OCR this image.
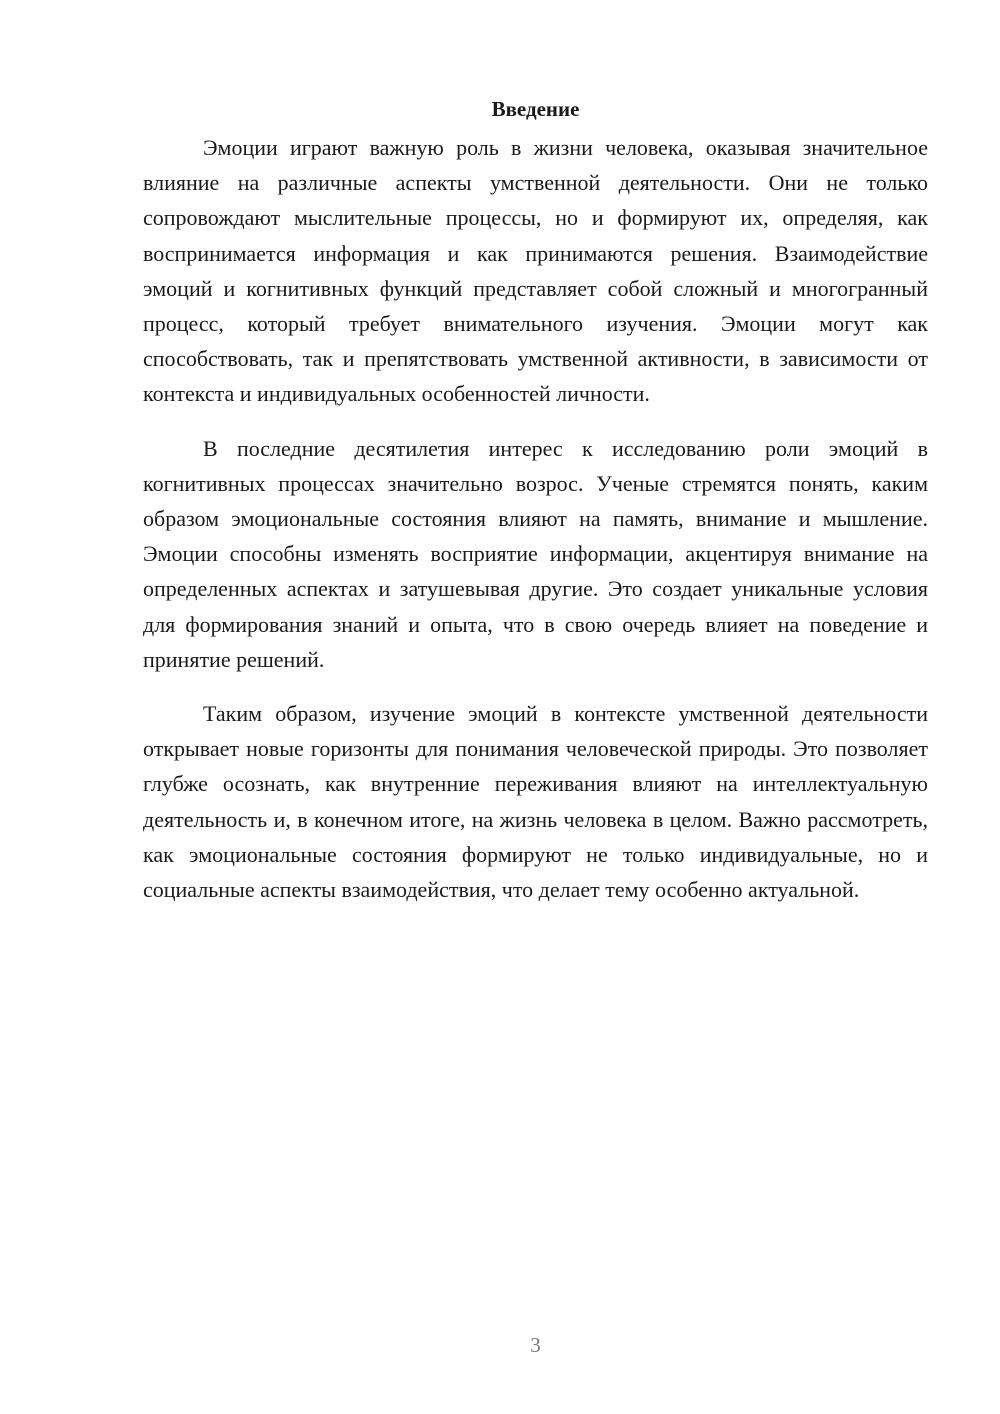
Введение

Эмоции играют важную роль в жизни человека, оказывая значительное влияние на различные аспекты умственной деятельности. Они не только сопровождают мыслительные процессы, но и формируют их, определяя, как воспринимается информация и как принимаются решения. Взаимодействие эмоций и когнитивных функций представляет собой сложный и многогранный процесс, который требует внимательного изучения. Эмоции могут как способствовать, так и препятствовать умственной активности, в зависимости от контекста и индивидуальных особенностей личности.

В последние десятилетия интерес к исследованию роли эмоций в когнитивных процессах значительно возрос. Ученые стремятся понять, каким образом эмоциональные состояния влияют на память, внимание и мышление. Эмоции способны изменять восприятие информации, акцентируя внимание на определенных аспектах и затушевывая другие. Это создает уникальные условия для формирования знаний и опыта, что в свою очередь влияет на поведение и принятие решений.

Таким образом, изучение эмоций в контексте умственной деятельности открывает новые горизонты для понимания человеческой природы. Это позволяет глубже осознать, как внутренние переживания влияют на интеллектуальную деятельность и, в конечном итоге, на жизнь человека в целом. Важно рассмотреть, как эмоциональные состояния формируют не только индивидуальные, но и социальные аспекты взаимодействия, что делает тему особенно актуальной.

3
